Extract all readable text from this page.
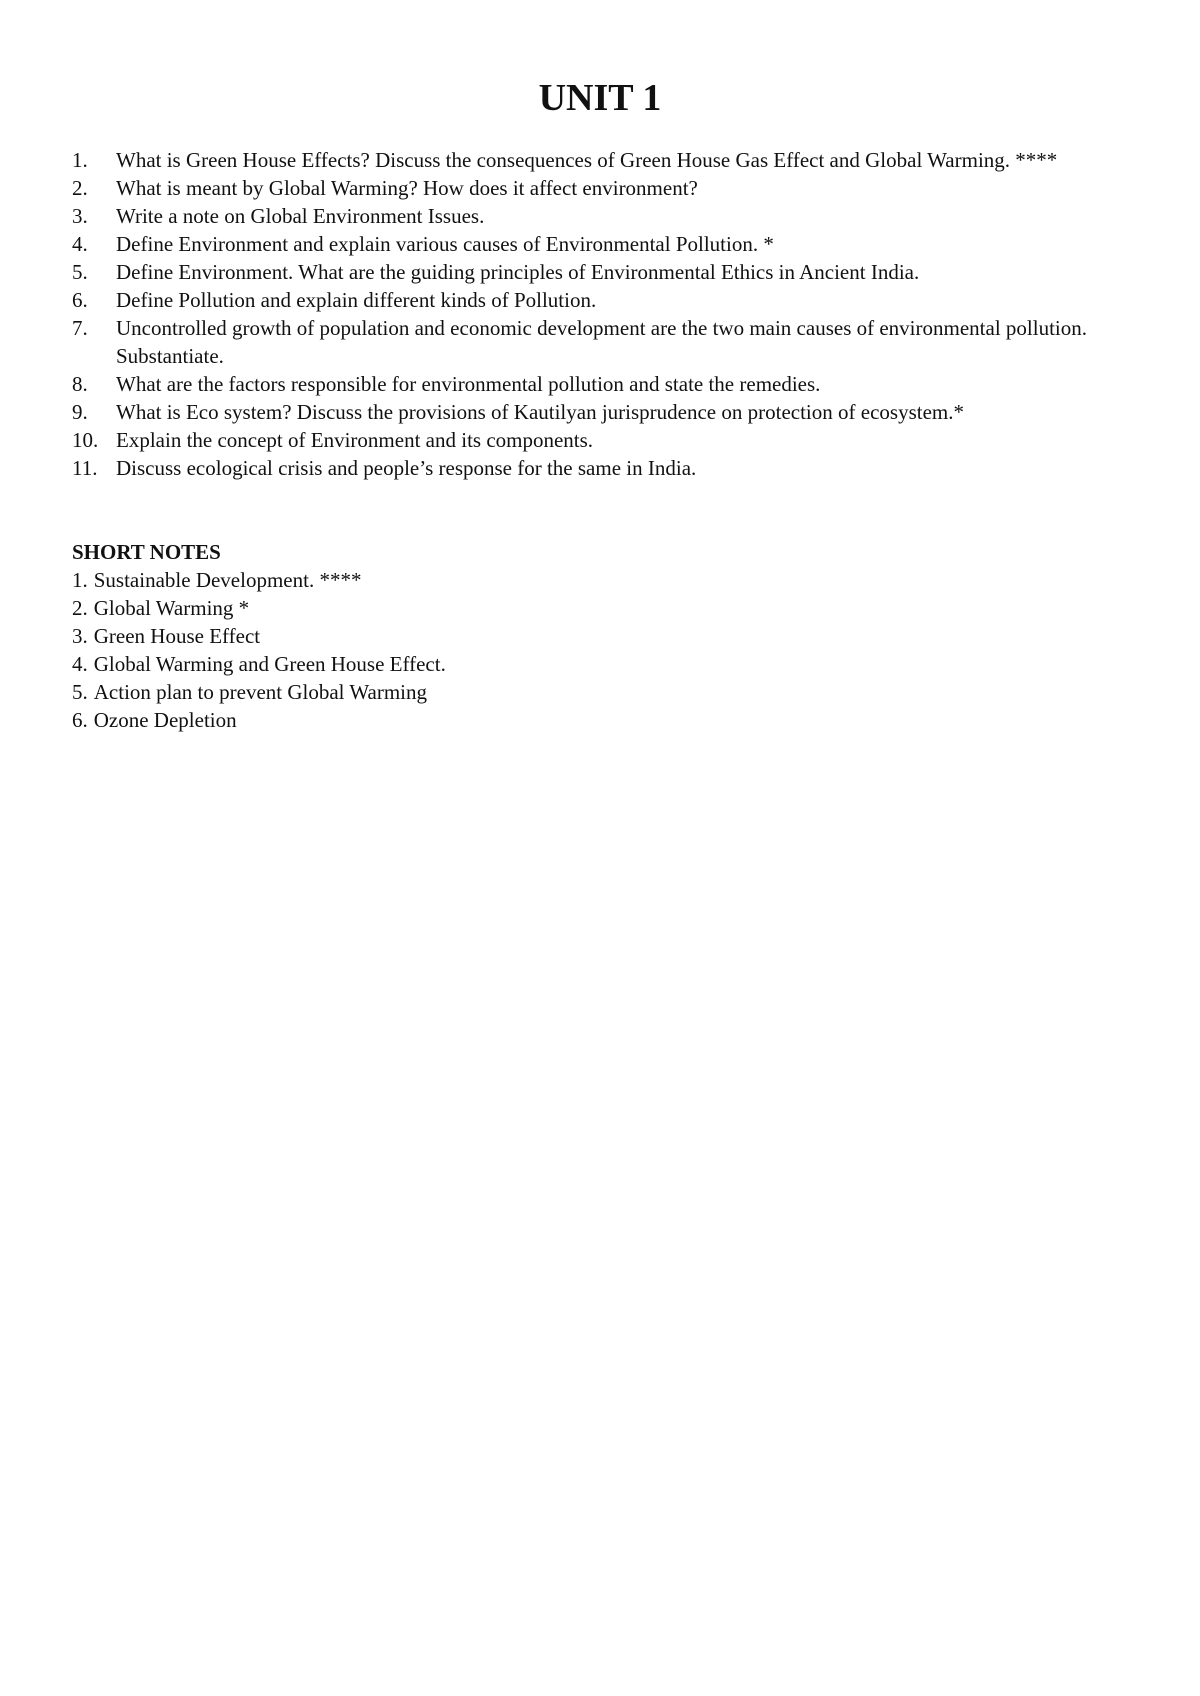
UNIT 1
1.	What is Green House Effects? Discuss the consequences of Green House Gas Effect and Global Warming. ****
2.	What is meant by Global Warming? How does it affect environment?
3.	Write a note on Global Environment Issues.
4.	Define Environment and explain various causes of Environmental Pollution. *
5.	Define Environment. What are the guiding principles of Environmental Ethics in Ancient India.
6.	Define Pollution and explain different kinds of Pollution.
7.	Uncontrolled growth of population and economic development are the two main causes of environmental pollution. Substantiate.
8.	What are the factors responsible for environmental pollution and state the remedies.
9.	What is Eco system? Discuss the provisions of Kautilyan jurisprudence on protection of ecosystem.*
10. Explain the concept of Environment and its components.
11. Discuss ecological crisis and people’s response for the same in India.
SHORT NOTES
1. Sustainable Development. ****
2. Global Warming *
3. Green House Effect
4. Global Warming and Green House Effect.
5. Action plan to prevent Global Warming
6. Ozone Depletion
